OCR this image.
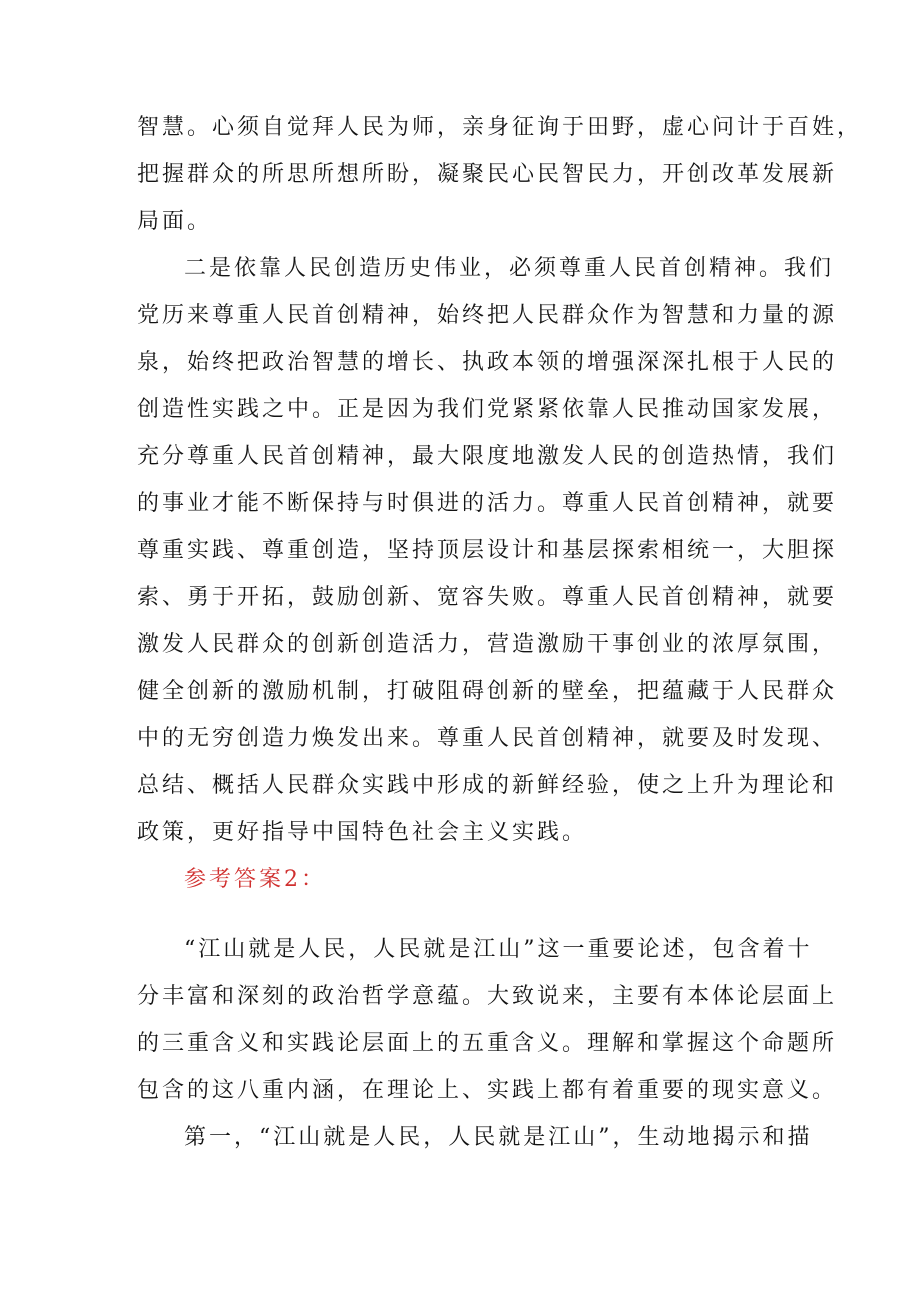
智慧。心须自觉拜人民为师，亲身征询于田野，虚心问计于百姓，
把握群众的所思所想所盼，凝聚民心民智民力，开创改革发展新
局面。
二是依靠人民创造历史伟业，必须尊重人民首创精神。我们
党历来尊重人民首创精神，始终把人民群众作为智慧和力量的源
泉，始终把政治智慧的增长、执政本领的增强深深扎根于人民的
创造性实践之中。正是因为我们党紧紧依靠人民推动国家发展，
充分尊重人民首创精神，最大限度地激发人民的创造热情，我们
的事业才能不断保持与时俱进的活力。尊重人民首创精神，就要
尊重实践、尊重创造，坚持顶层设计和基层探索相统一，大胆探
索、勇于开拓，鼓励创新、宽容失败。尊重人民首创精神，就要
激发人民群众的创新创造活力，营造激励干事创业的浓厚氛围，
健全创新的激励机制，打破阻碍创新的壁垒，把蕴藏于人民群众
中的无穷创造力焕发出来。尊重人民首创精神，就要及时发现、
总结、概括人民群众实践中形成的新鲜经验，使之上升为理论和
政策，更好指导中国特色社会主义实践。
参考答案2：
“江山就是人民，人民就是江山”这一重要论述，包含着十
分丰富和深刻的政治哲学意蕴。大致说来，主要有本体论层面上
的三重含义和实践论层面上的五重含义。理解和掌握这个命题所
包含的这八重内涵，在理论上、实践上都有着重要的现实意义。
第一，“江山就是人民，人民就是江山”，生动地揭示和描
